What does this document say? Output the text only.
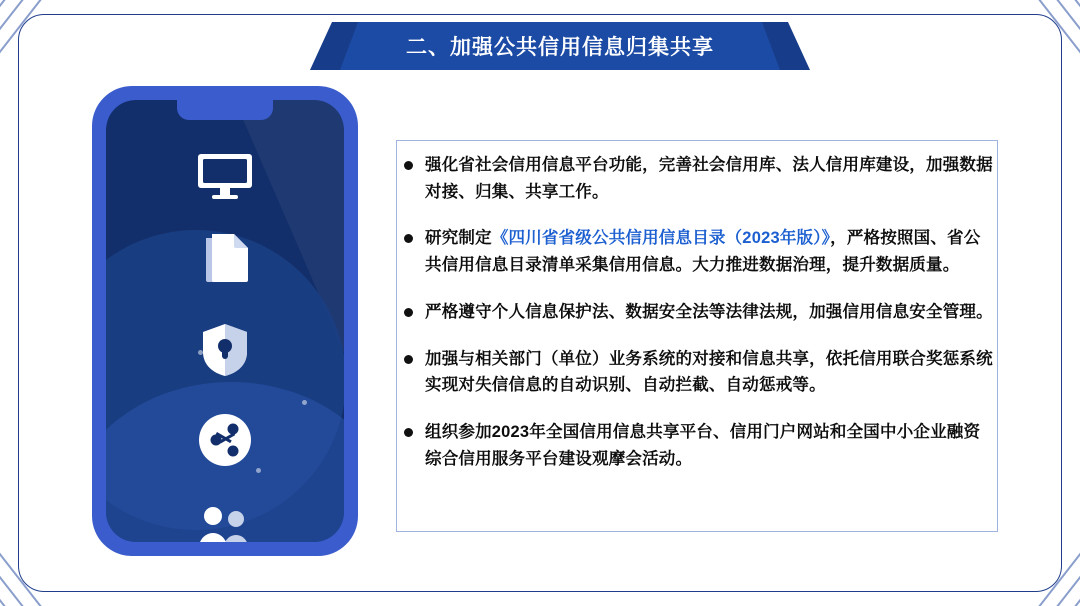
二、加强公共信用信息归集共享
强化省社会信用信息平台功能，完善社会信用库、法人信用库建设，加强数据对接、归集、共享工作。
研究制定《四川省省级公共信用信息目录（2023年版）》，严格按照国、省公共信用信息目录清单采集信用信息。大力推进数据治理，提升数据质量。
严格遵守个人信息保护法、数据安全法等法律法规，加强信用信息安全管理。
加强与相关部门（单位）业务系统的对接和信息共享，依托信用联合奖惩系统实现对失信信息的自动识别、自动拦截、自动惩戒等。
组织参加2023年全国信用信息共享平台、信用门户网站和全国中小企业融资综合信用服务平台建设观摩会活动。
